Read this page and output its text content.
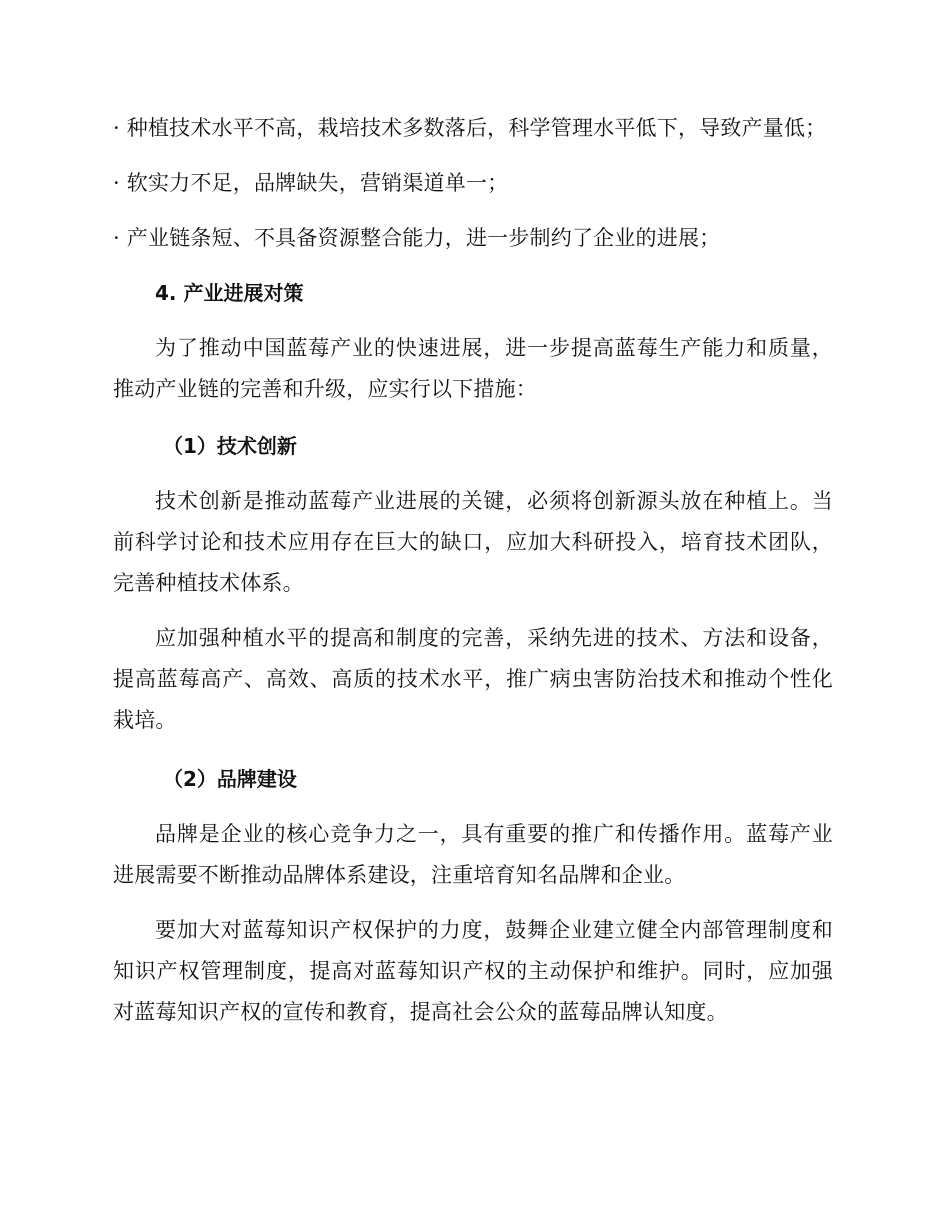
· 种植技术水平不高，栽培技术多数落后，科学管理水平低下，导致产量低；

· 软实力不足，品牌缺失，营销渠道单一；

· 产业链条短、不具备资源整合能力，进一步制约了企业的进展；

4. 产业进展对策

为了推动中国蓝莓产业的快速进展，进一步提高蓝莓生产能力和质量，推动产业链的完善和升级，应实行以下措施：

（1）技术创新

技术创新是推动蓝莓产业进展的关键，必须将创新源头放在种植上。当前科学讨论和技术应用存在巨大的缺口，应加大科研投入，培育技术团队，完善种植技术体系。

应加强种植水平的提高和制度的完善，采纳先进的技术、方法和设备，提高蓝莓高产、高效、高质的技术水平，推广病虫害防治技术和推动个性化栽培。

（2）品牌建设

品牌是企业的核心竞争力之一，具有重要的推广和传播作用。蓝莓产业进展需要不断推动品牌体系建设，注重培育知名品牌和企业。

要加大对蓝莓知识产权保护的力度，鼓舞企业建立健全内部管理制度和知识产权管理制度，提高对蓝莓知识产权的主动保护和维护。同时，应加强对蓝莓知识产权的宣传和教育，提高社会公众的蓝莓品牌认知度。
